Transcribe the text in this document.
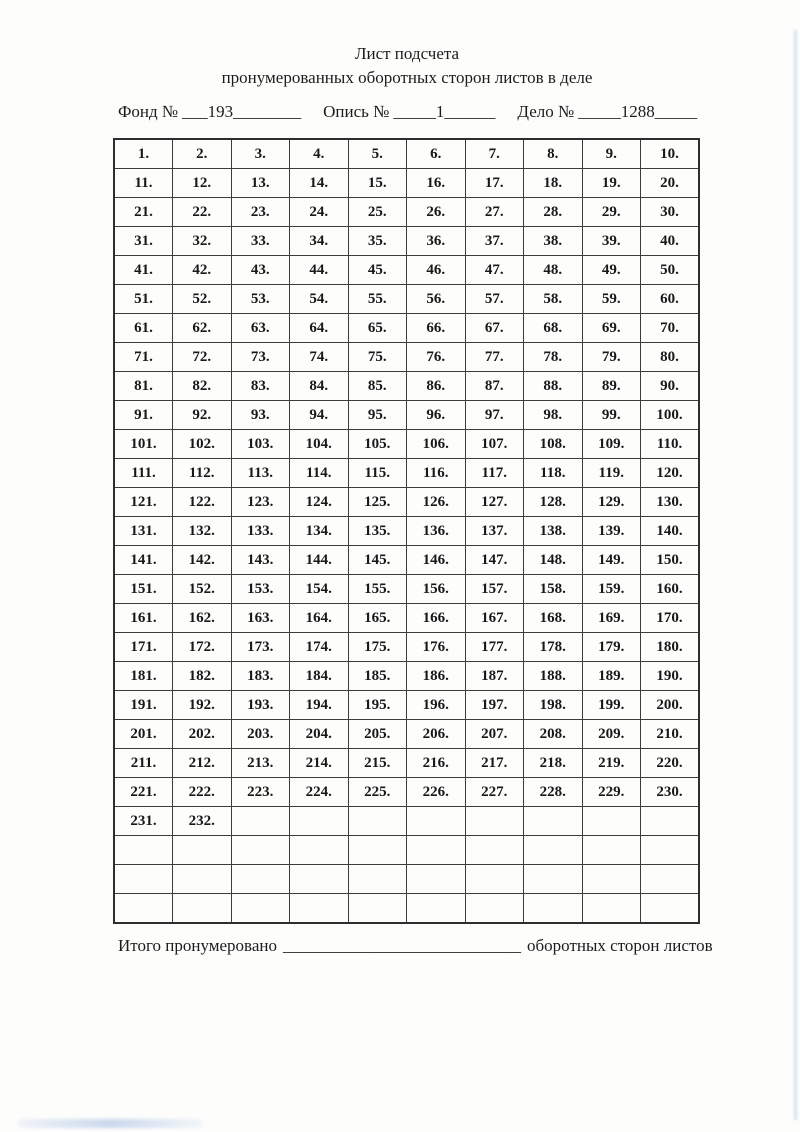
Лист подсчета
пронумерованных оборотных сторон листов в деле
Фонд № ___193________ Опись № _____1______ Дело № _____1288_____
1.	2.	3.	4.	5.	6.	7.	8.	9.	10.
11.	12.	13.	14.	15.	16.	17.	18.	19.	20.
21.	22.	23.	24.	25.	26.	27.	28.	29.	30.
31.	32.	33.	34.	35.	36.	37.	38.	39.	40.
41.	42.	43.	44.	45.	46.	47.	48.	49.	50.
51.	52.	53.	54.	55.	56.	57.	58.	59.	60.
61.	62.	63.	64.	65.	66.	67.	68.	69.	70.
71.	72.	73.	74.	75.	76.	77.	78.	79.	80.
81.	82.	83.	84.	85.	86.	87.	88.	89.	90.
91.	92.	93.	94.	95.	96.	97.	98.	99.	100.
101.	102.	103.	104.	105.	106.	107.	108.	109.	110.
111.	112.	113.	114.	115.	116.	117.	118.	119.	120.
121.	122.	123.	124.	125.	126.	127.	128.	129.	130.
131.	132.	133.	134.	135.	136.	137.	138.	139.	140.
141.	142.	143.	144.	145.	146.	147.	148.	149.	150.
151.	152.	153.	154.	155.	156.	157.	158.	159.	160.
161.	162.	163.	164.	165.	166.	167.	168.	169.	170.
171.	172.	173.	174.	175.	176.	177.	178.	179.	180.
181.	182.	183.	184.	185.	186.	187.	188.	189.	190.
191.	192.	193.	194.	195.	196.	197.	198.	199.	200.
201.	202.	203.	204.	205.	206.	207.	208.	209.	210.
211.	212.	213.	214.	215.	216.	217.	218.	219.	220.
221.	222.	223.	224.	225.	226.	227.	228.	229.	230.
231.	232.								

Итого пронумеровано ____________________________ оборотных сторон листов
